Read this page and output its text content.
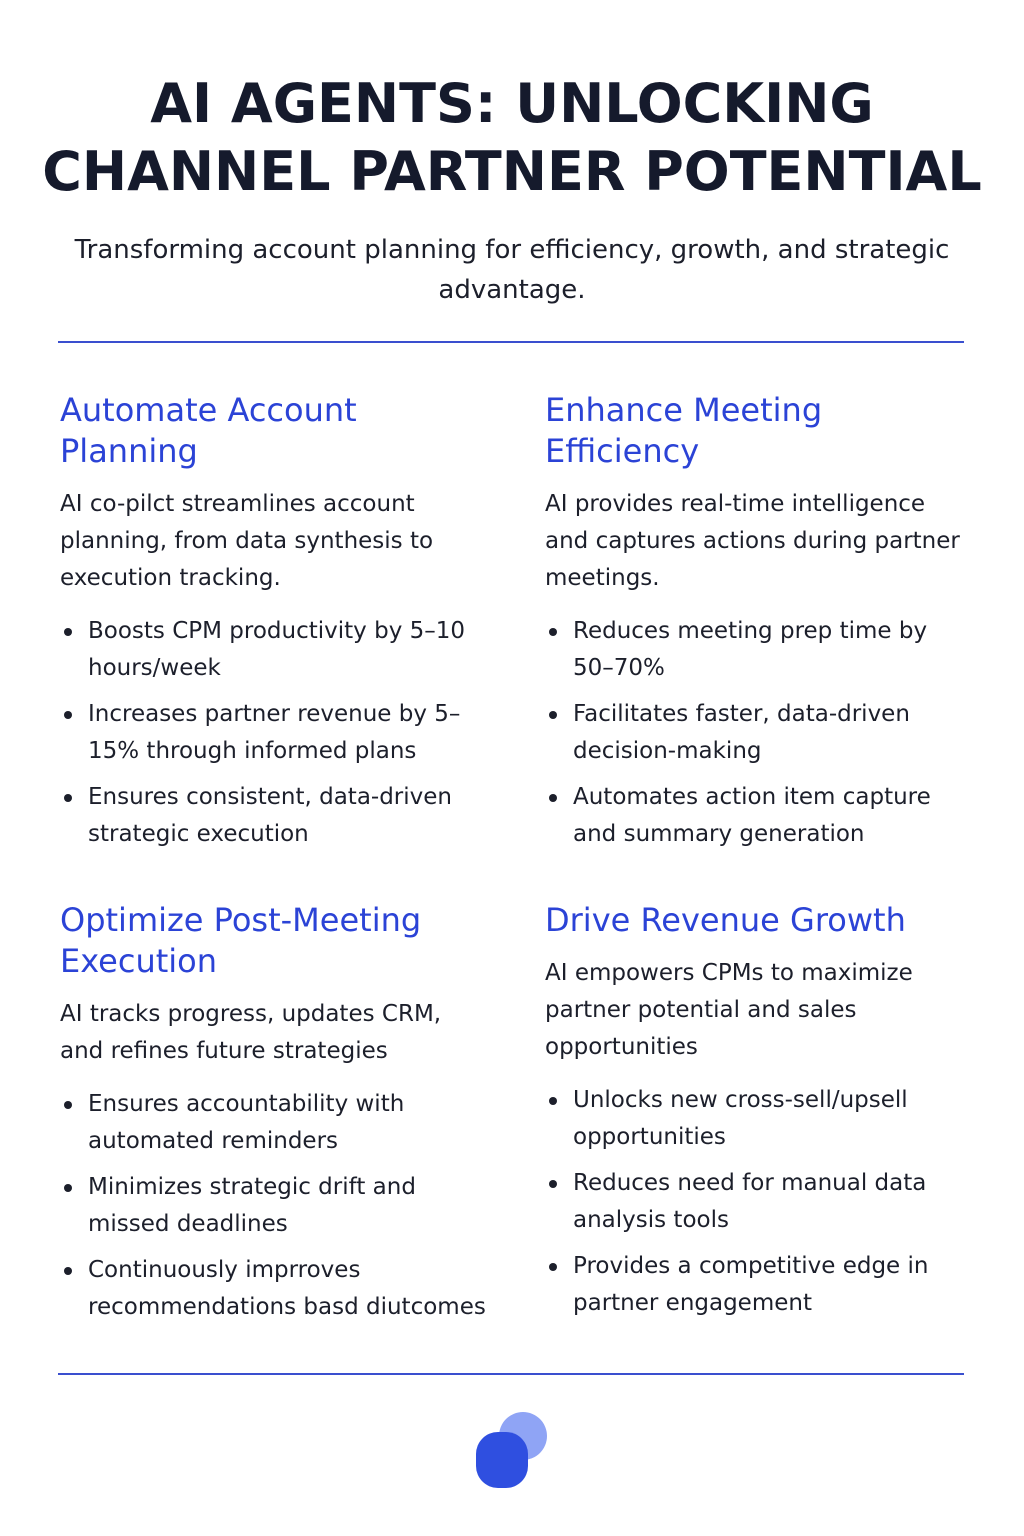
AI AGENTS: UNLOCKING
CHANNEL PARTNER POTENTIAL

Transforming account planning for efficiency, growth, and strategic advantage.

Automate Account Planning

AI co-pilct streamlines account planning, from data synthesis to execution tracking.

Boosts CPM productivity by 5–10 hours/week
Increases partner revenue by 5–15% through informed plans
Ensures consistent, data-driven strategic execution
Enhance Meeting Efficiency

AI provides real-time intelligence and captures actions during partner meetings.

Reduces meeting prep time by 50–70%
Facilitates faster, data-driven decision-making
Automates action item capture and summary generation
Optimize Post-Meeting Execution

AI tracks progress, updates CRM, and refines future strategies

Ensures accountability with automated reminders
Minimizes strategic drift and missed deadlines
Continuously imprroves recommendations basd diutcomes
Drive Revenue Growth

AI empowers CPMs to maximize partner potential and sales opportunities

Unlocks new cross-sell/upsell opportunities
Reduces need for manual data analysis tools
Provides a competitive edge in partner engagement
